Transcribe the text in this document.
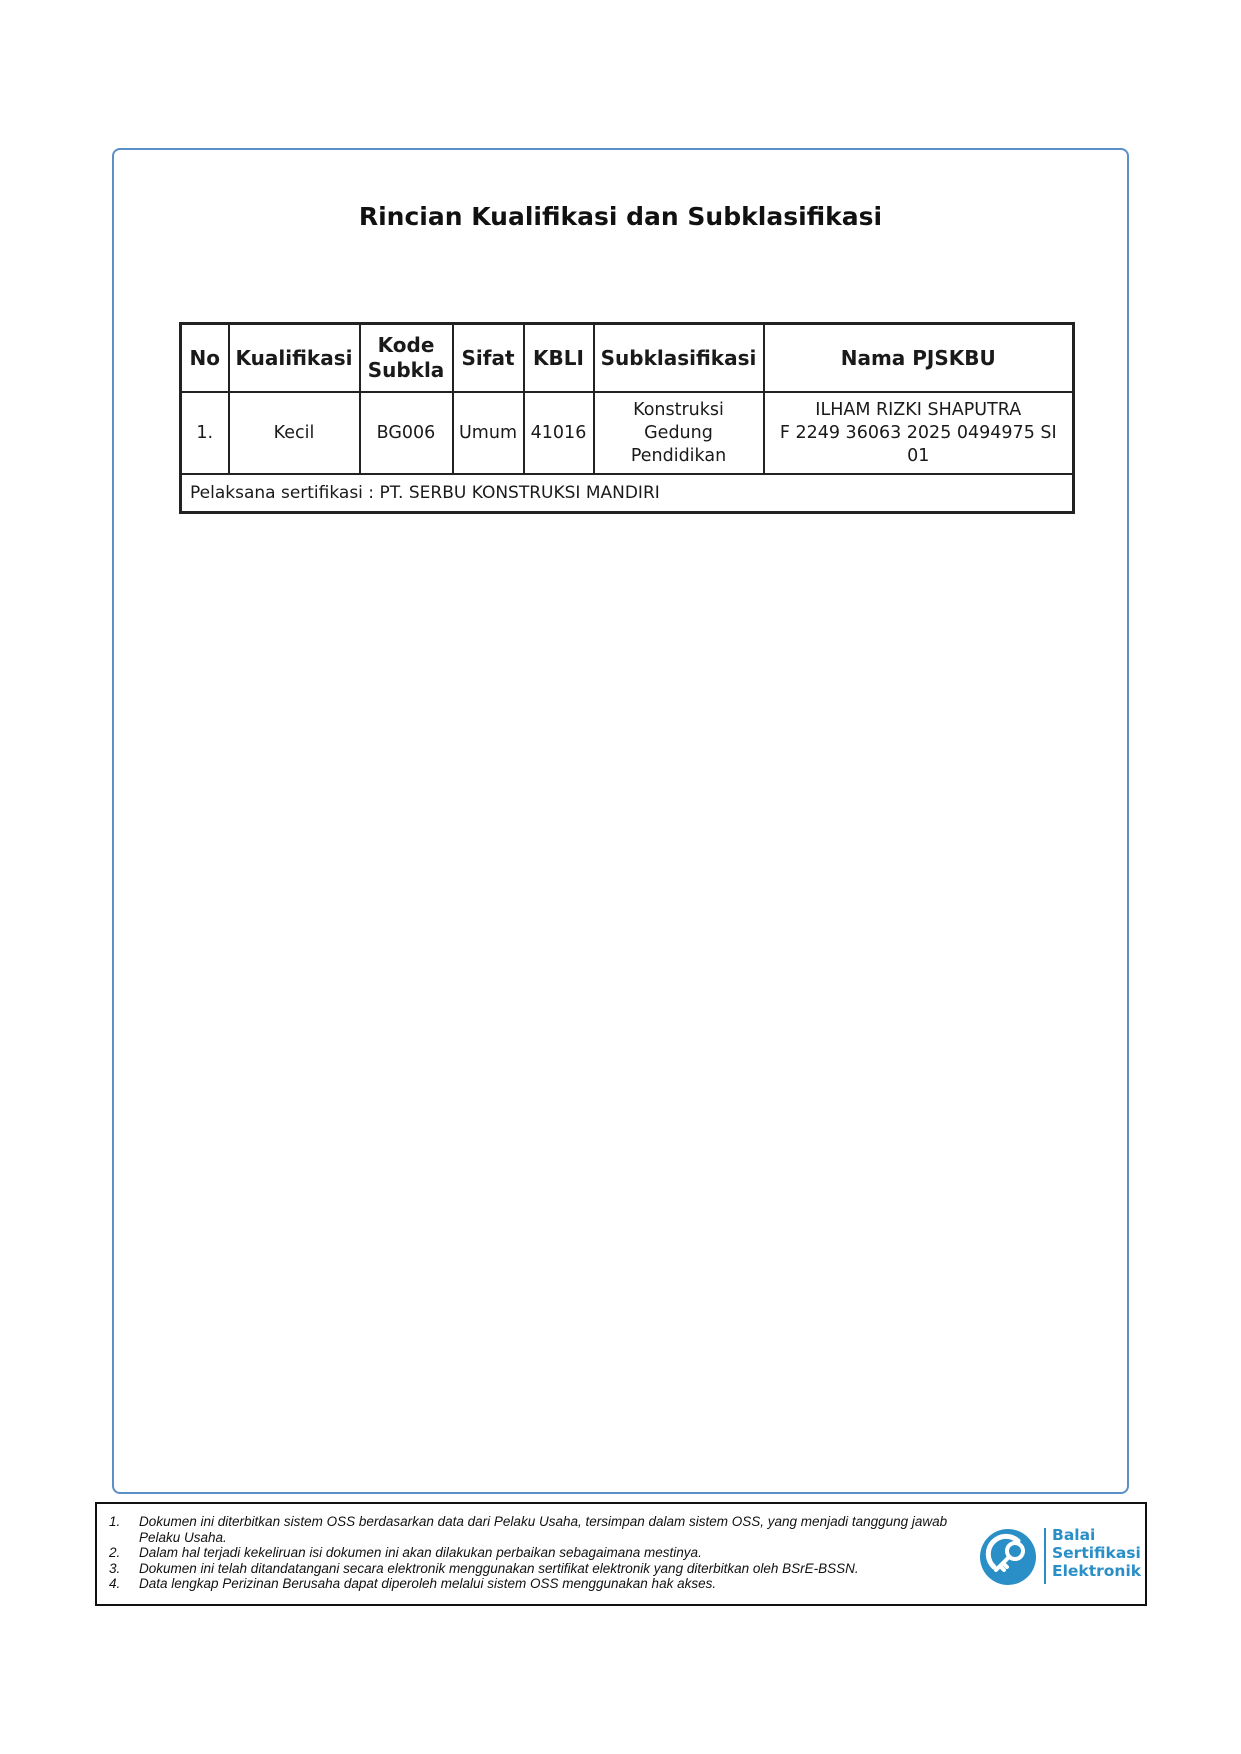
Rincian Kualifikasi dan Subklasifikasi
No	Kualifikasi	Kode Subkla	Sifat	KBLI	Subklasifikasi	Nama PJSKBU
1.	Kecil	BG006	Umum	41016	Konstruksi Gedung Pendidikan	ILHAM RIZKI SHAPUTRA
F 2249 36063 2025 0494975 SI 01

Pelaksana sertifikasi : PT. SERBU KONSTRUKSI MANDIRI						
1.	Dokumen ini diterbitkan sistem OSS berdasarkan data dari Pelaku Usaha, tersimpan dalam sistem OSS, yang menjadi tanggung jawab Pelaku Usaha.
2.	Dalam hal terjadi kekeliruan isi dokumen ini akan dilakukan perbaikan sebagaimana mestinya.
3.	Dokumen ini telah ditandatangani secara elektronik menggunakan sertifikat elektronik yang diterbitkan oleh BSrE-BSSN.
4.	Data lengkap Perizinan Berusaha dapat diperoleh melalui sistem OSS menggunakan hak akses.
Balai
Sertifikasi
Elektronik
